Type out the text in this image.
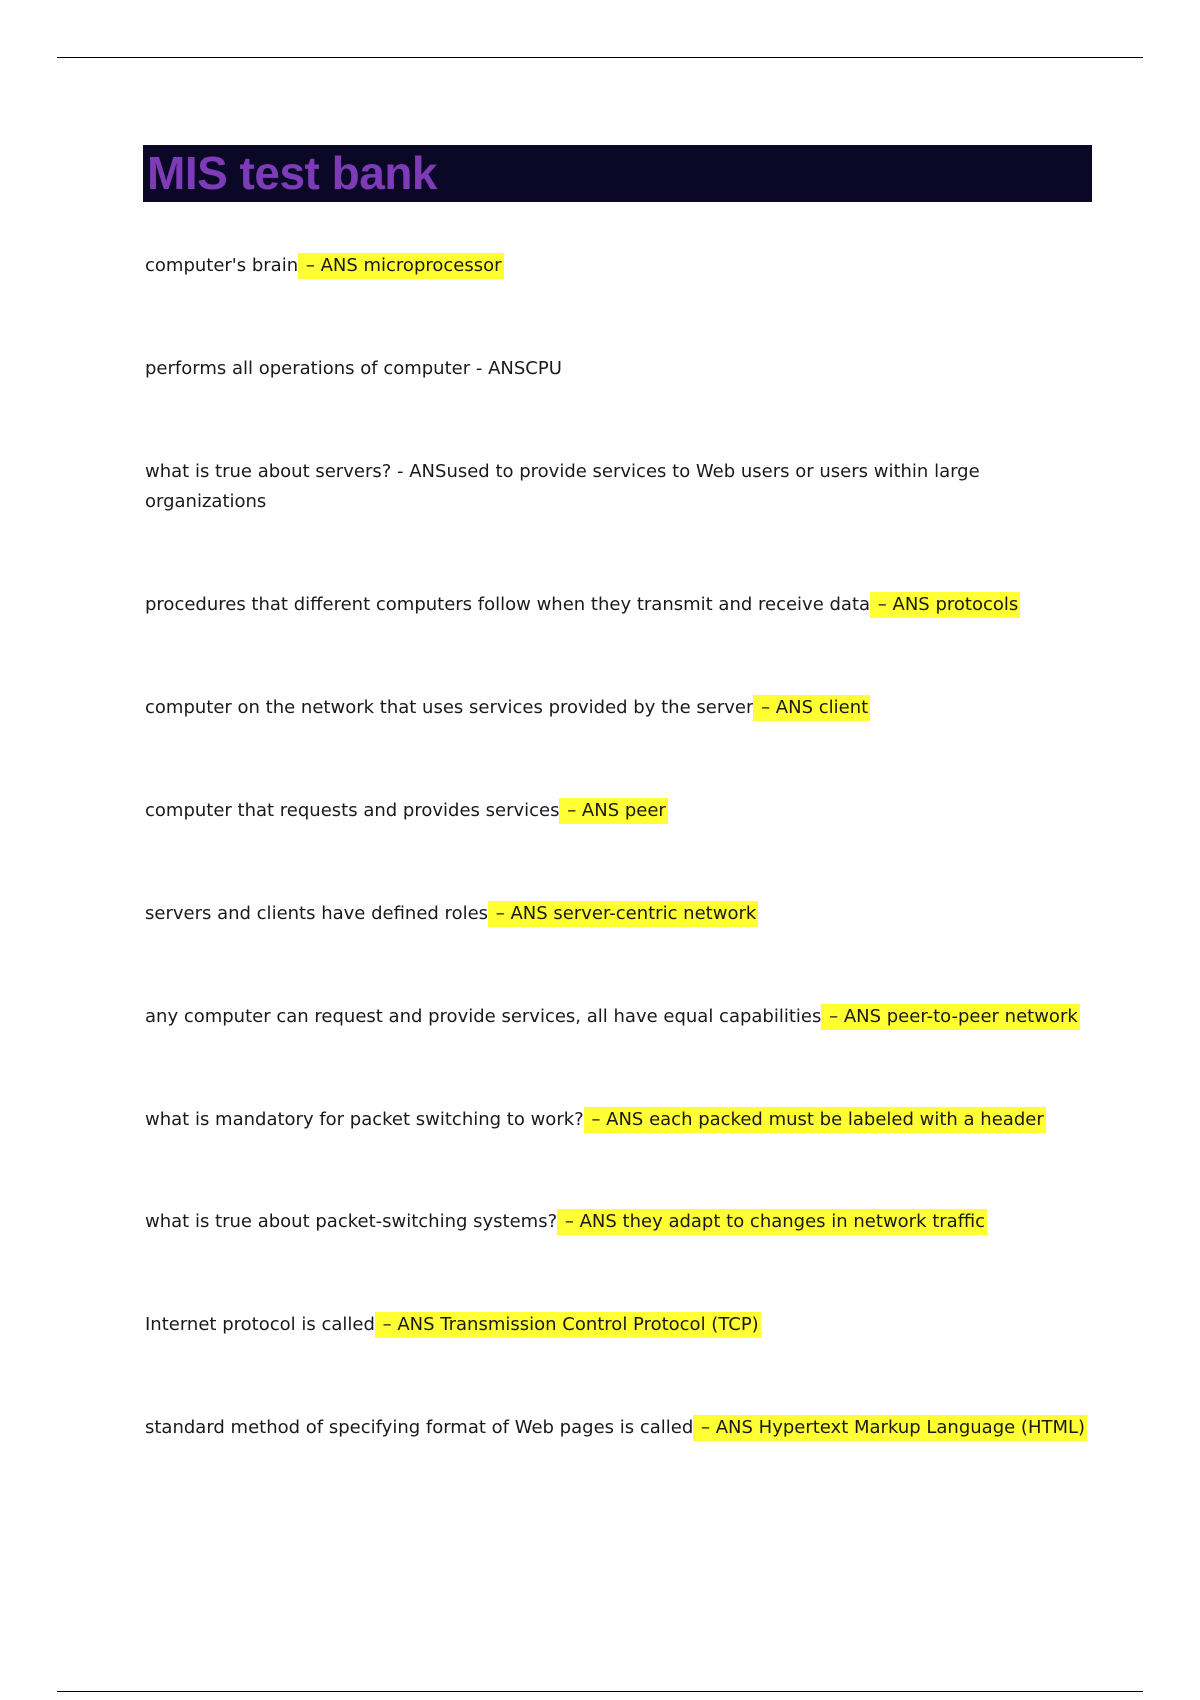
MIS test bank
computer's brain – ANS microprocessor
performs all operations of computer - ANSCPU
what is true about servers? - ANSused to provide services to Web users or users within large organizations
procedures that different computers follow when they transmit and receive data – ANS protocols
computer on the network that uses services provided by the server – ANS client
computer that requests and provides services – ANS peer
servers and clients have defined roles – ANS server-centric network
any computer can request and provide services, all have equal capabilities – ANS peer-to-peer network
what is mandatory for packet switching to work? – ANS each packed must be labeled with a header
what is true about packet-switching systems? – ANS they adapt to changes in network traffic
Internet protocol is called – ANS Transmission Control Protocol (TCP)
standard method of specifying format of Web pages is called – ANS Hypertext Markup Language (HTML)
